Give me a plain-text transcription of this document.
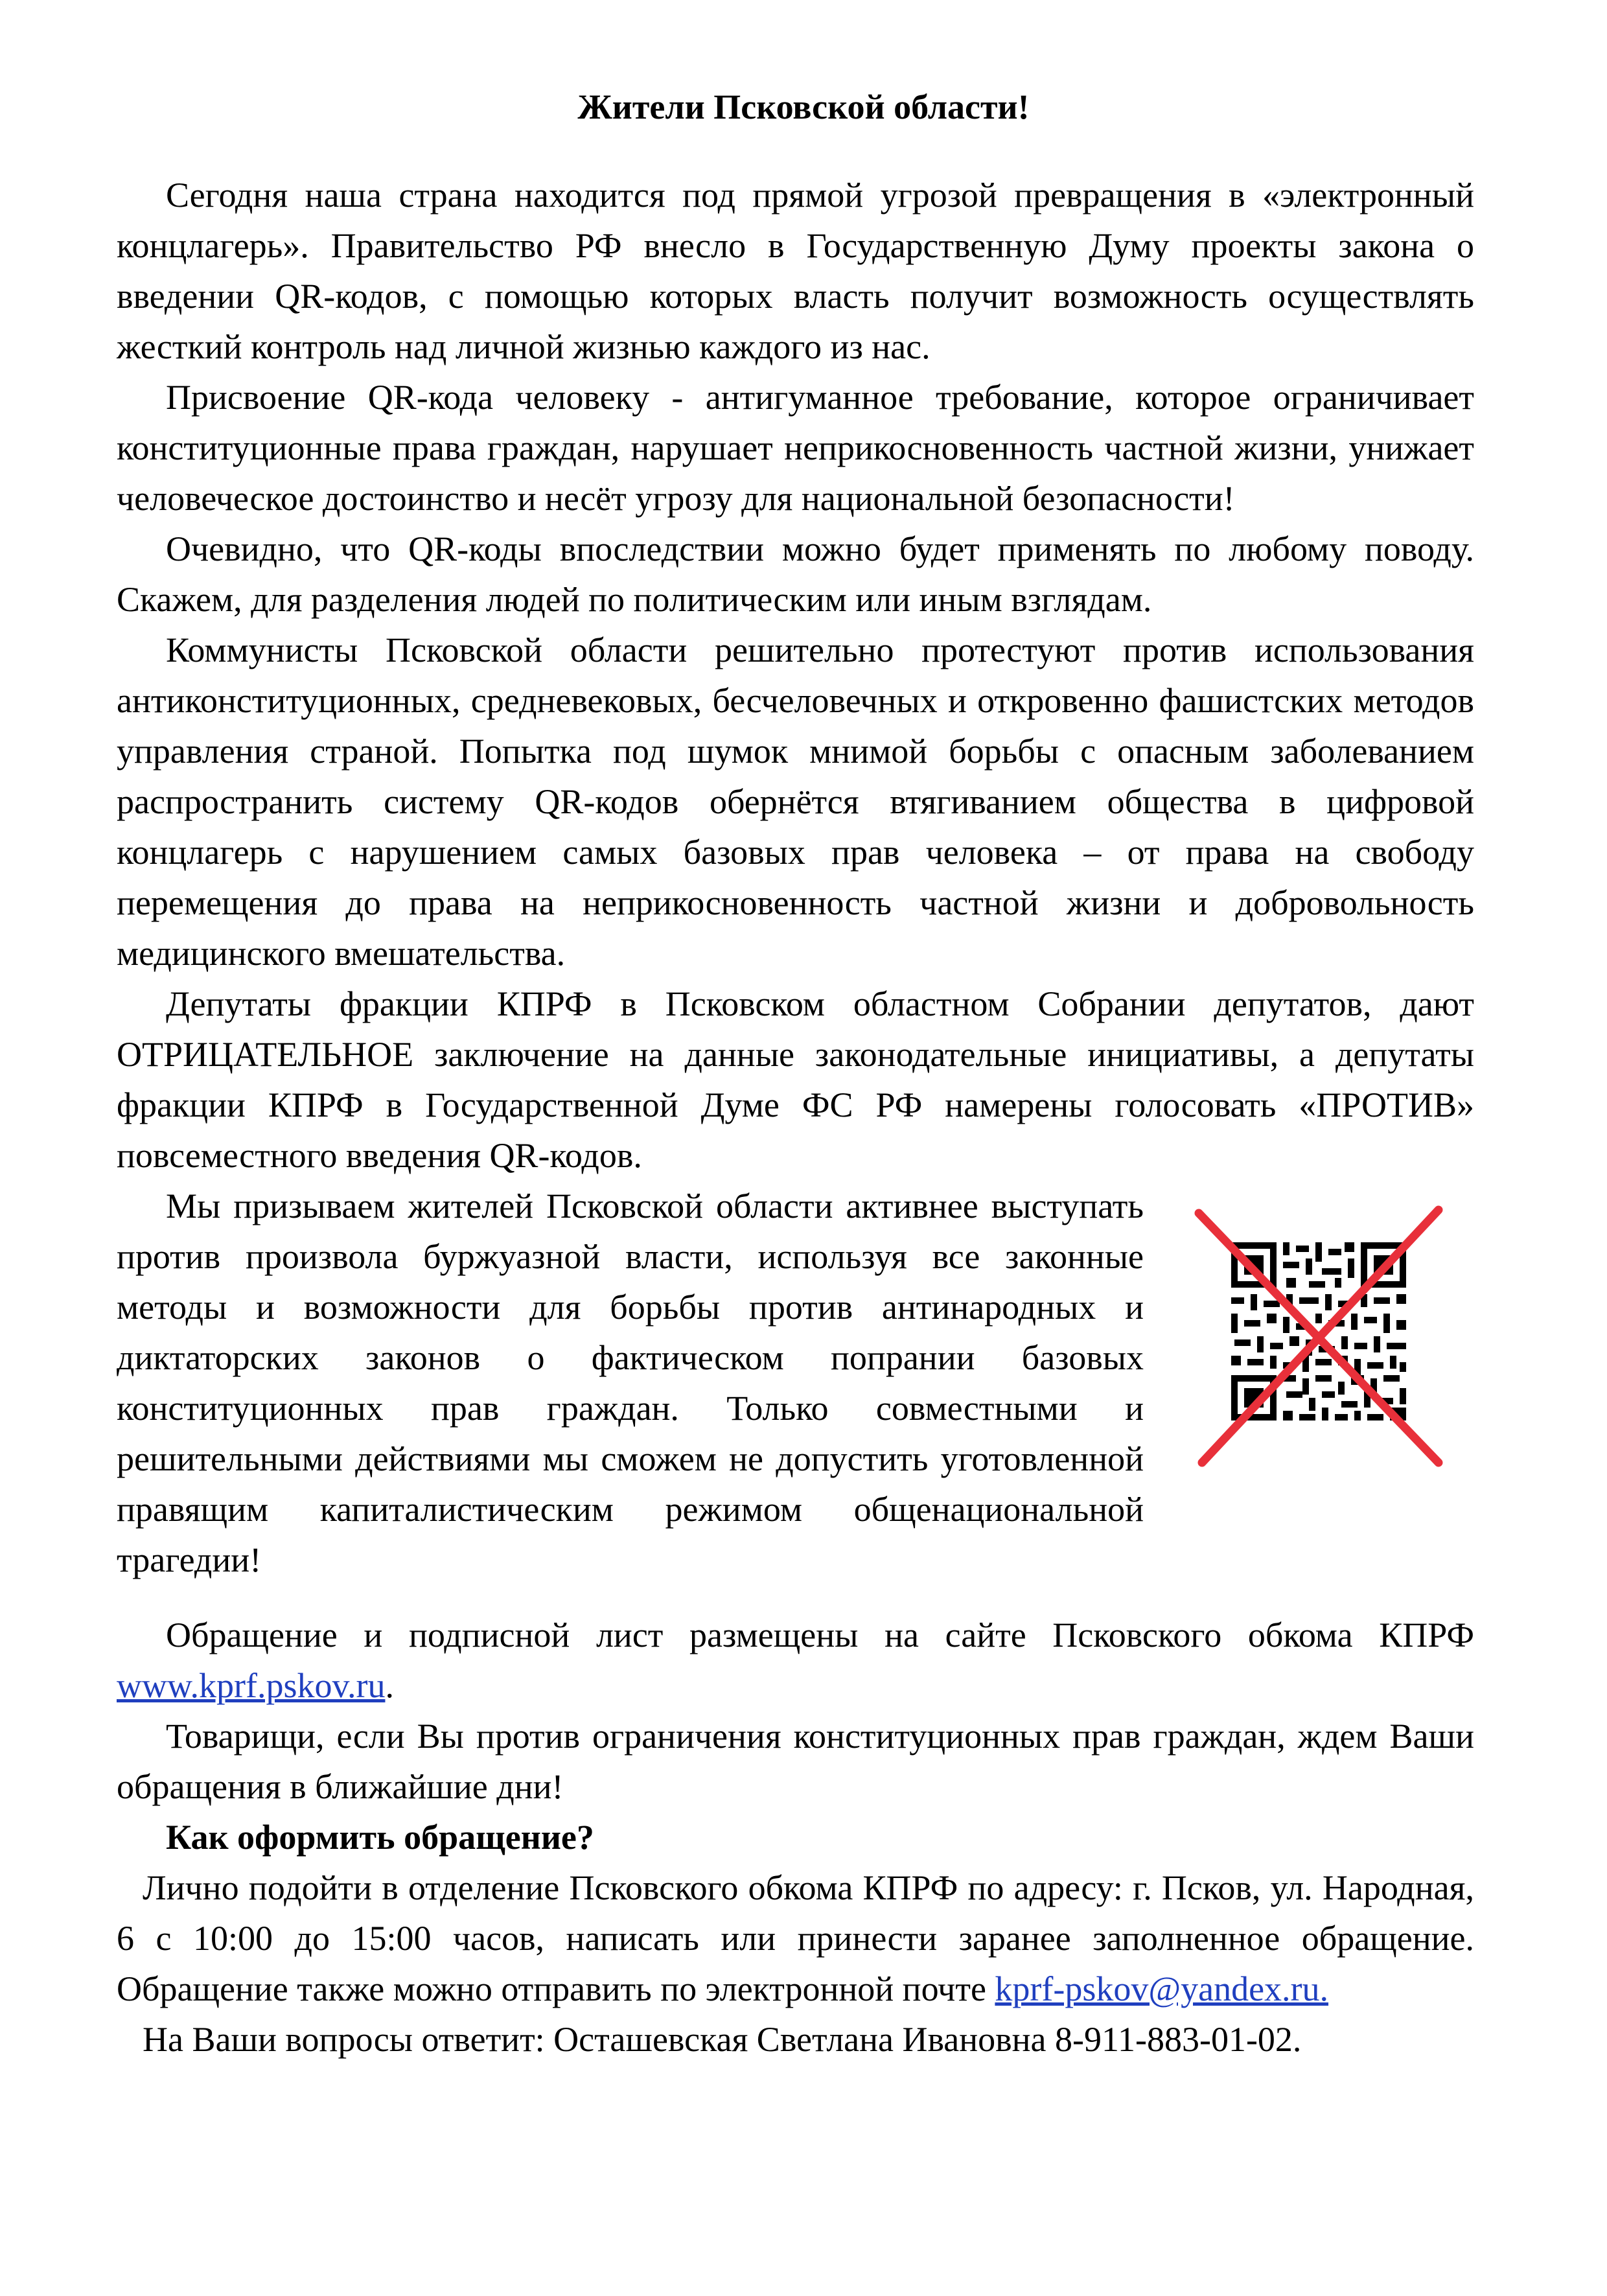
Жители Псковской области!

Сегодня наша страна находится под прямой угрозой превращения в «электронный концлагерь». Правительство РФ внесло в Государственную Думу проекты закона о введении QR-кодов, с помощью которых власть получит возможность осуществлять жесткий контроль над личной жизнью каждого из нас.

Присвоение QR-кода человеку - антигуманное требование, которое ограничивает конституционные права граждан, нарушает неприкосновенность частной жизни, унижает человеческое достоинство и несёт угрозу для национальной безопасности!

Очевидно, что QR-коды впоследствии можно будет применять по любому поводу. Скажем, для разделения людей по политическим или иным взглядам.

Коммунисты Псковской области решительно протестуют против использования антиконституционных, средневековых, бесчеловечных и откровенно фашистских методов управления страной. Попытка под шумок мнимой борьбы с опасным заболеванием распространить систему QR-кодов обернётся втягиванием общества в цифровой концлагерь с нарушением самых базовых прав человека – от права на свободу перемещения до права на неприкосновенность частной жизни и добровольность медицинского вмешательства.

Депутаты фракции КПРФ в Псковском областном Собрании депутатов, дают ОТРИЦАТЕЛЬНОЕ заключение на данные законодательные инициативы, а депутаты фракции КПРФ в Государственной Думе ФС РФ намерены голосовать «ПРОТИВ» повсеместного введения QR-кодов.

Мы призываем жителей Псковской области активнее выступать против произвола буржуазной власти, используя все законные методы и возможности для борьбы против антинародных и диктаторских законов о фактическом попрании базовых конституционных прав граждан. Только совместными и решительными действиями мы сможем не допустить уготовленной правящим капиталистическим режимом общенациональной трагедии!

Обращение и подписной лист размещены на сайте Псковского обкома КПРФ www.kprf.pskov.ru.

Товарищи, если Вы против ограничения конституционных прав граждан, ждем Ваши обращения в ближайшие дни!

Как оформить обращение?

Лично подойти в отделение Псковского обкома КПРФ по адресу: г. Псков, ул. Народная, 6 с 10:00 до 15:00 часов, написать или принести заранее заполненное обращение. Обращение также можно отправить по электронной почте kprf-pskov@yandex.ru.

На Ваши вопросы ответит: Осташевская Светлана Ивановна 8-911-883-01-02.
